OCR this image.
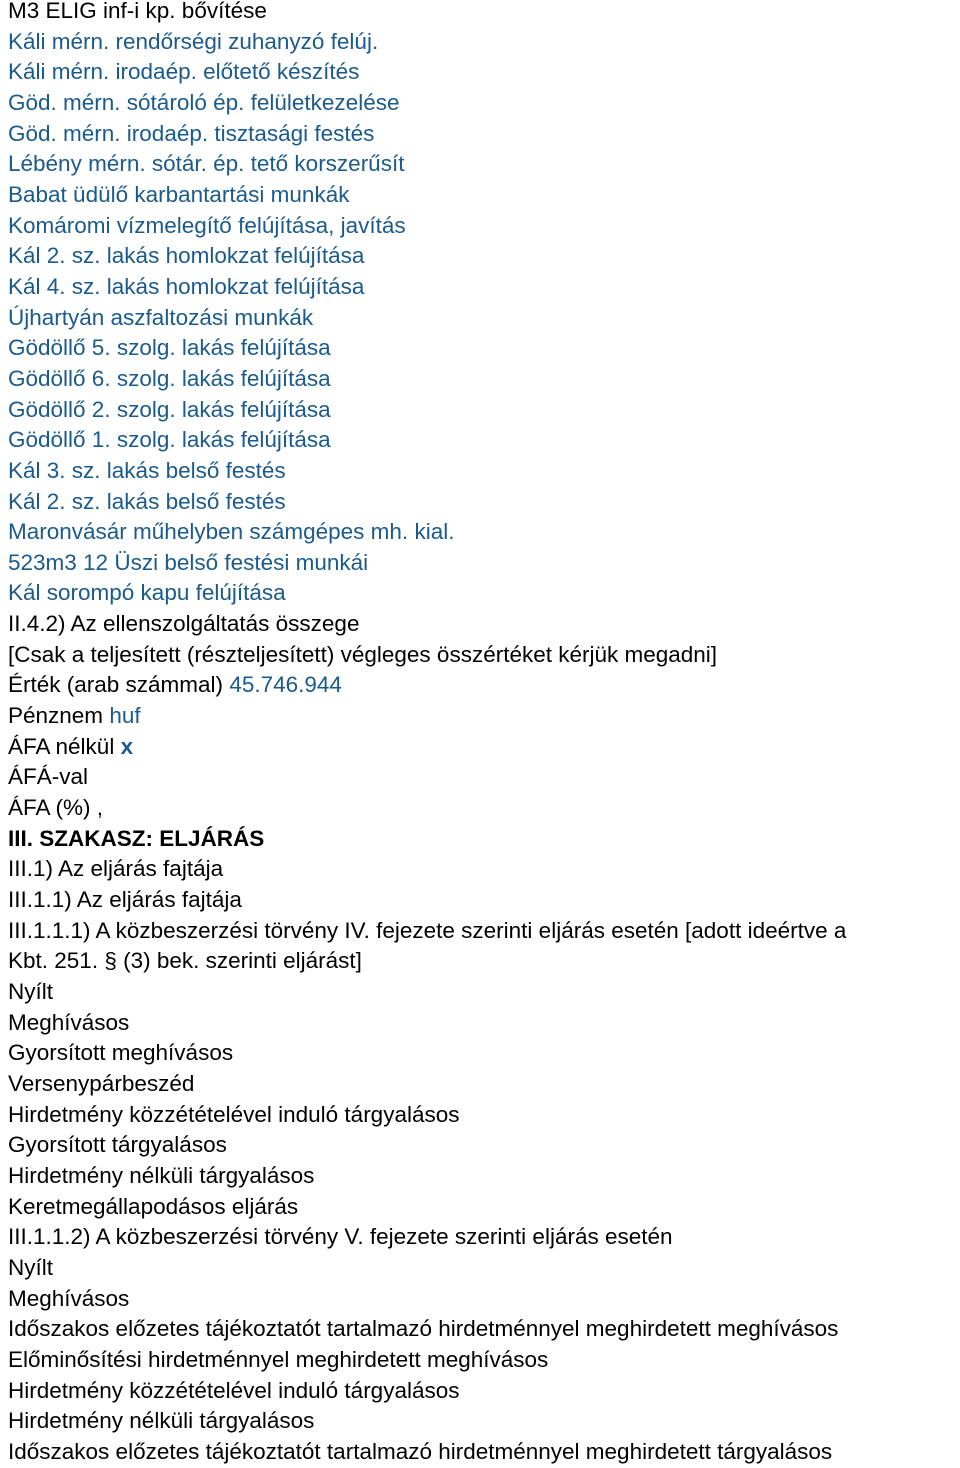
M3 ELIG inf-i kp. bővítése
Káli mérn. rendőrségi zuhanyzó felúj.
Káli mérn. irodaép. előtető készítés
Göd. mérn. sótároló ép. felületkezelése
Göd. mérn. irodaép. tisztasági festés
Lébény mérn. sótár. ép. tető korszerűsít
Babat üdülő karbantartási munkák
Komáromi vízmelegítő felújítása, javítás
Kál 2. sz. lakás homlokzat felújítása
Kál 4. sz. lakás homlokzat felújítása
Újhartyán aszfaltozási munkák
Gödöllő 5. szolg. lakás felújítása
Gödöllő 6. szolg. lakás felújítása
Gödöllő 2. szolg. lakás felújítása
Gödöllő 1. szolg. lakás felújítása
Kál 3. sz. lakás belső festés
Kál 2. sz. lakás belső festés
Maronvásár műhelyben számgépes mh. kial.
523m3 12 Üszi belső festési munkái
Kál sorompó kapu felújítása
II.4.2) Az ellenszolgáltatás összege
[Csak a teljesített (részteljesített) végleges összértéket kérjük megadni]
Érték (arab számmal) 45.746.944
Pénznem huf
ÁFA nélkül x
ÁFÁ-val
ÁFA (%) ,
III. SZAKASZ: ELJÁRÁS
III.1) Az eljárás fajtája
III.1.1) Az eljárás fajtája
III.1.1.1) A közbeszerzési törvény IV. fejezete szerinti eljárás esetén [adott ideértve a
Kbt. 251. § (3) bek. szerinti eljárást]
Nyílt
Meghívásos
Gyorsított meghívásos
Versenypárbeszéd
Hirdetmény közzétételével induló tárgyalásos
Gyorsított tárgyalásos
Hirdetmény nélküli tárgyalásos
Keretmegállapodásos eljárás
III.1.1.2) A közbeszerzési törvény V. fejezete szerinti eljárás esetén
Nyílt
Meghívásos
Időszakos előzetes tájékoztatót tartalmazó hirdetménnyel meghirdetett meghívásos
Előminősítési hirdetménnyel meghirdetett meghívásos
Hirdetmény közzétételével induló tárgyalásos
Hirdetmény nélküli tárgyalásos
Időszakos előzetes tájékoztatót tartalmazó hirdetménnyel meghirdetett tárgyalásos
